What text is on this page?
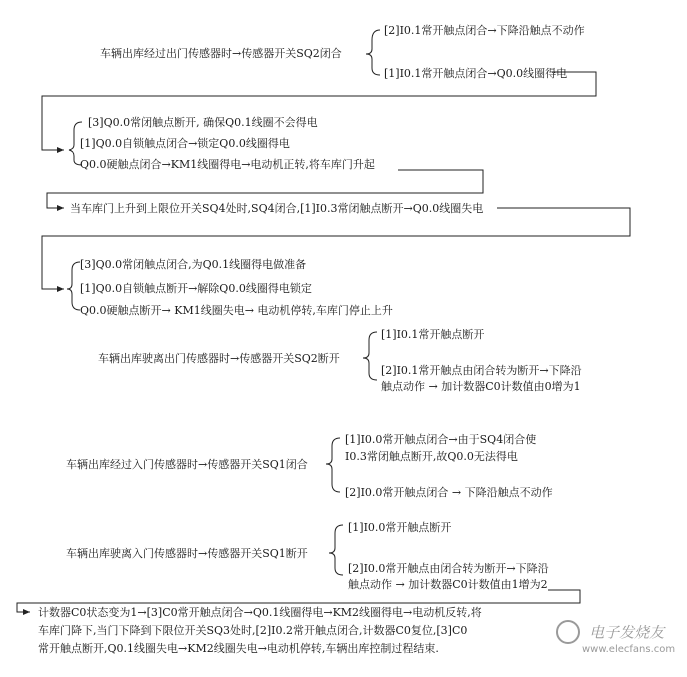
车辆出库经过出门传感器时→传感器开关SQ2闭合
[2]I0.1常开触点闭合→下降沿触点不动作
[1]I0.1常开触点闭合→Q0.0线圈得电
[3]Q0.0常闭触点断开, 确保Q0.1线圈不会得电
[1]Q0.0自锁触点闭合→锁定Q0.0线圈得电
Q0.0硬触点闭合→KM1线圈得电→电动机正转,将车库门升起
当车库门上升到上限位开关SQ4处时,SQ4闭合,[1]I0.3常闭触点断开→Q0.0线圈失电
[3]Q0.0常闭触点闭合,为Q0.1线圈得电做准备
[1]Q0.0自锁触点断开→解除Q0.0线圈得电锁定
Q0.0硬触点断开→ KM1线圈失电→ 电动机停转,车库门停止上升
车辆出库驶离出门传感器时→传感器开关SQ2断开
[1]I0.1常开触点断开
[2]I0.1常开触点由闭合转为断开→下降沿
触点动作 → 加计数器C0计数值由0增为1
车辆出库经过入门传感器时→传感器开关SQ1闭合
[1]I0.0常开触点闭合→由于SQ4闭合使
I0.3常闭触点断开,故Q0.0无法得电
[2]I0.0常开触点闭合 → 下降沿触点不动作
车辆出库驶离入门传感器时→传感器开关SQ1断开
[1]I0.0常开触点断开
[2]I0.0常开触点由闭合转为断开→下降沿
触点动作 → 加计数器C0计数值由1增为2
计数器C0状态变为1→[3]C0常开触点闭合→Q0.1线圈得电→KM2线圈得电→电动机反转,将
车库门降下,当门下降到下限位开关SQ3处时,[2]I0.2常开触点闭合,计数器C0复位,[3]C0
常开触点断开,Q0.1线圈失电→KM2线圈失电→电动机停转,车辆出库控制过程结束.
电子发烧友
www.elecfans.com
